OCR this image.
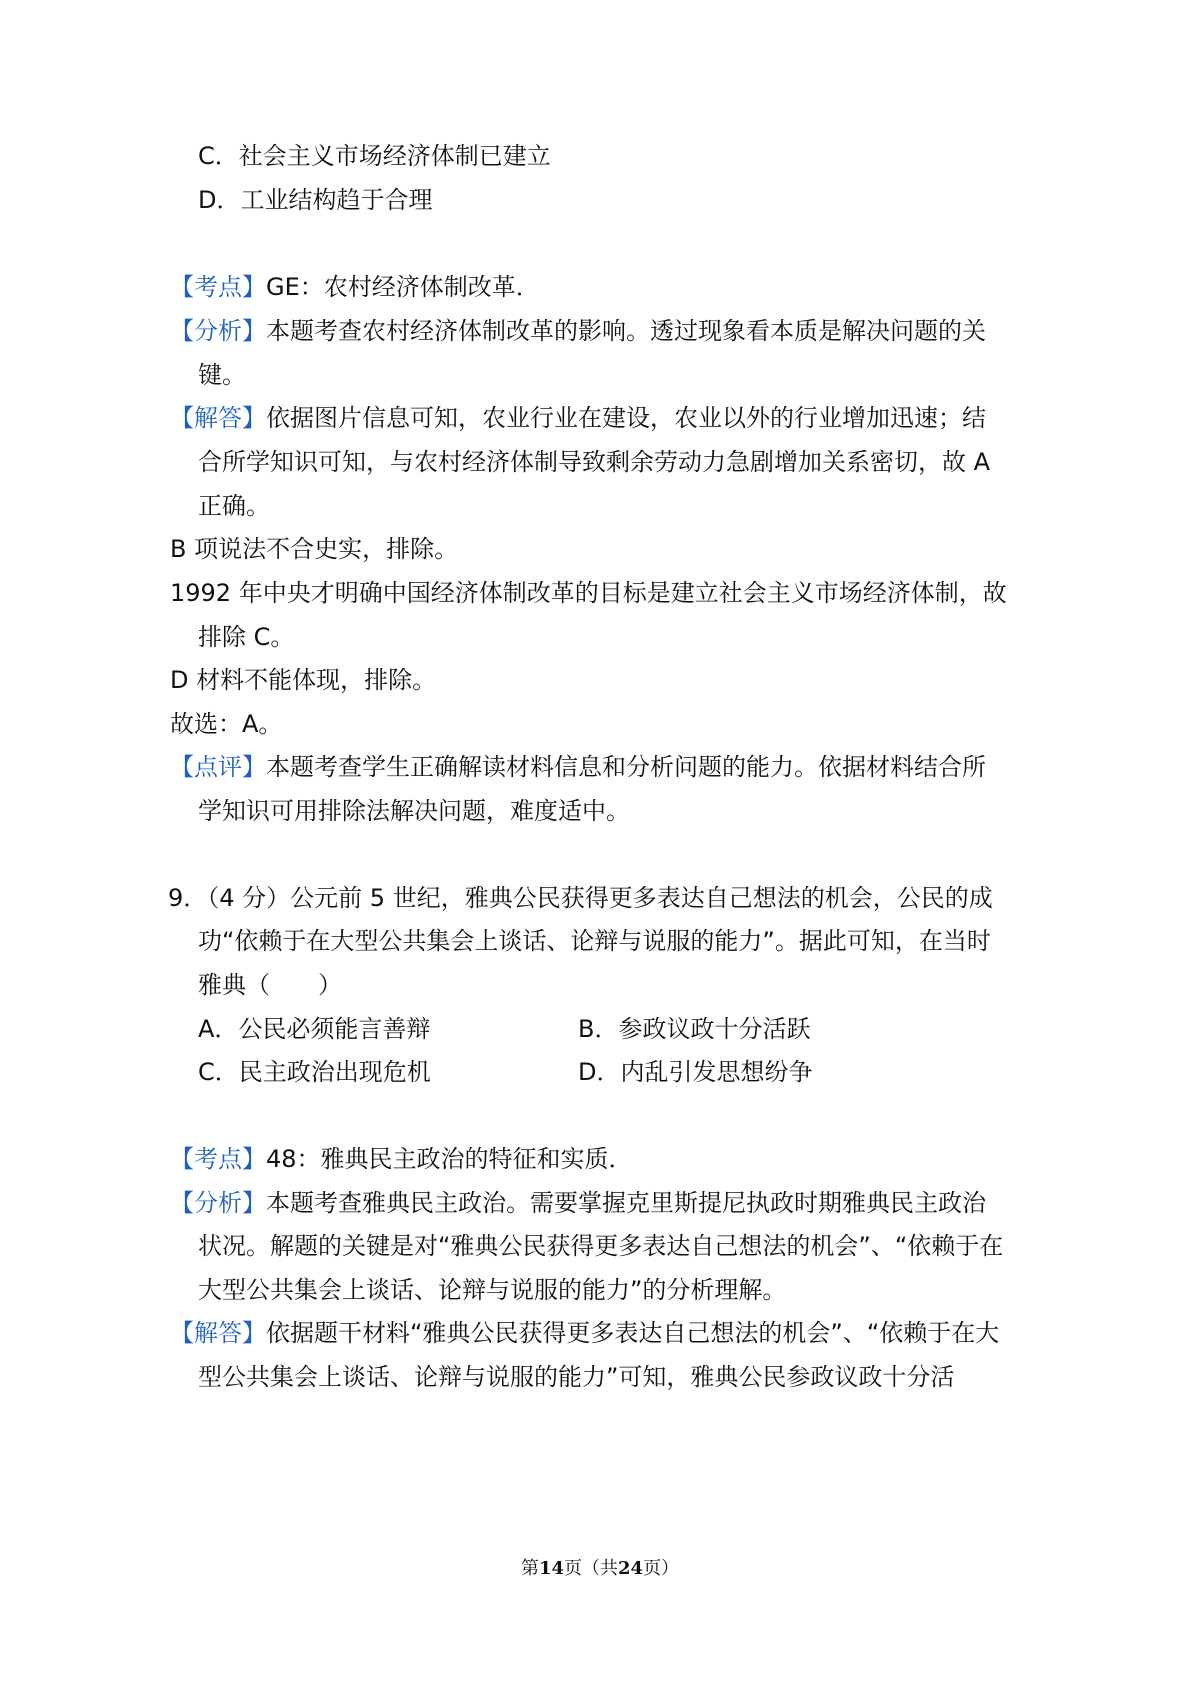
C．社会主义市场经济体制已建立
D．工业结构趋于合理
【考点】GE：农村经济体制改革．
【分析】本题考查农村经济体制改革的影响。透过现象看本质是解决问题的关
键。
【解答】依据图片信息可知，农业行业在建设，农业以外的行业增加迅速；结
合所学知识可知，与农村经济体制导致剩余劳动力急剧增加关系密切，故 A
正确。
B 项说法不合史实，排除。
1992 年中央才明确中国经济体制改革的目标是建立社会主义市场经济体制，故
排除 C。
D 材料不能体现，排除。
故选：A。
【点评】本题考查学生正确解读材料信息和分析问题的能力。依据材料结合所
学知识可用排除法解决问题，难度适中。
9．（4 分）公元前 5 世纪，雅典公民获得更多表达自己想法的机会，公民的成
功“依赖于在大型公共集会上谈话、论辩与说服的能力”。据此可知，在当时
雅典（　　）
A．公民必须能言善辩	B．参政议政十分活跃
C．民主政治出现危机	D．内乱引发思想纷争
【考点】48：雅典民主政治的特征和实质．
【分析】本题考查雅典民主政治。需要掌握克里斯提尼执政时期雅典民主政治
状况。解题的关键是对“雅典公民获得更多表达自己想法的机会”、“依赖于在
大型公共集会上谈话、论辩与说服的能力”的分析理解。
【解答】依据题干材料“雅典公民获得更多表达自己想法的机会”、“依赖于在大
型公共集会上谈话、论辩与说服的能力”可知，雅典公民参政议政十分活
第14页（共24页）
